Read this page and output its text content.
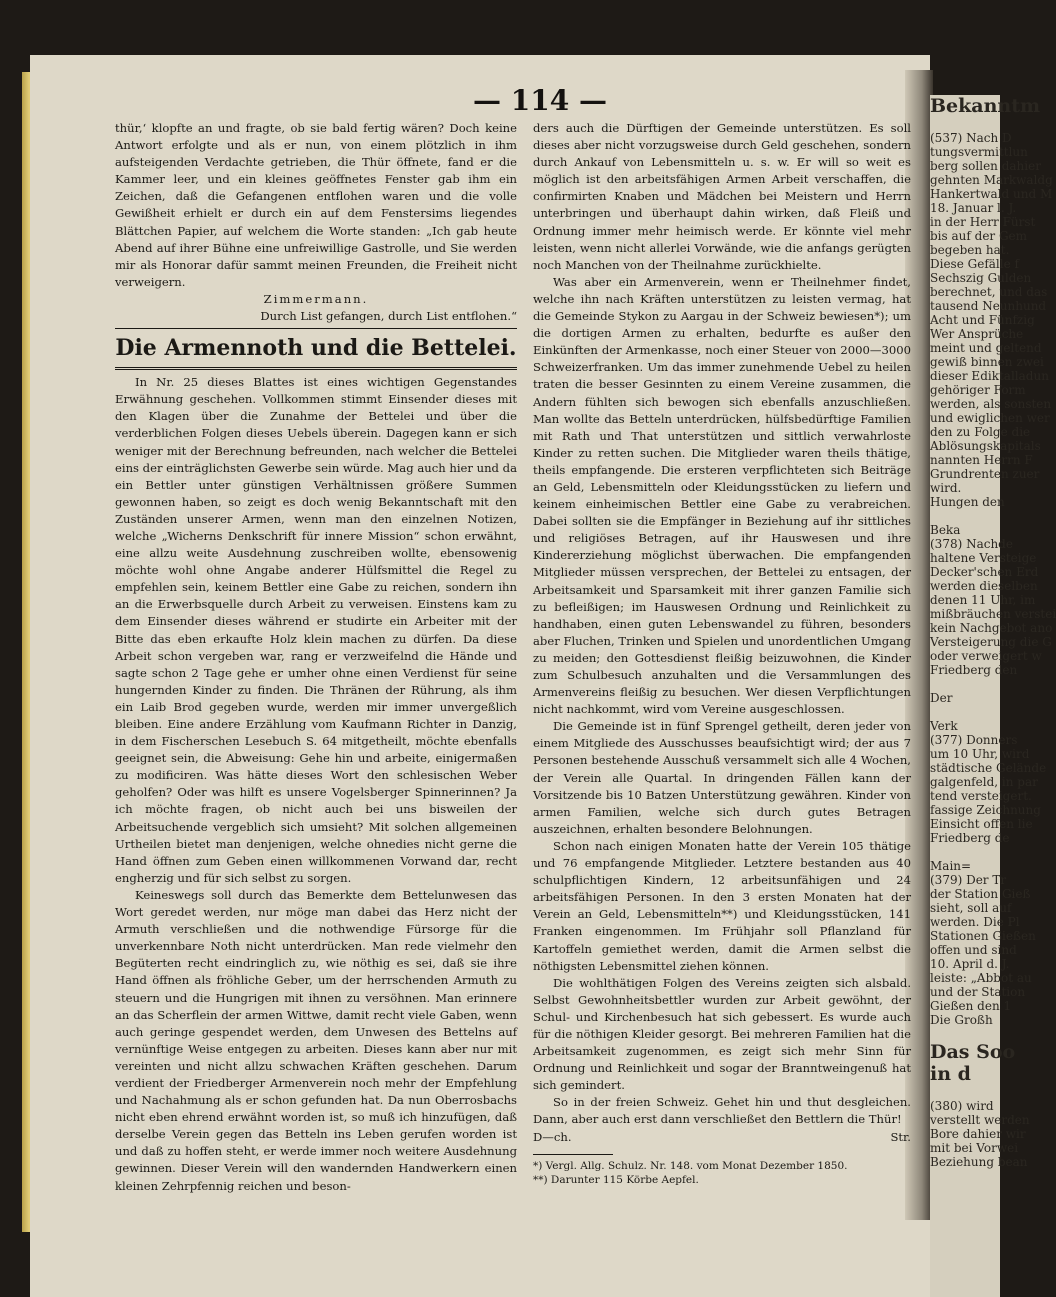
Bekanntm

(537) Nach D
tungsvermittlun
berg sollen dahier
gehnten Markwaldg
Hankertwald und M
18. Januar l. J.
in der Herr Fürst
bis auf der Gem
begeben hat.
Diese Gefälle f
Sechszig Gulden
berechnet, und das
tausend Neunhund
Acht und Fünfzig
Wer Ansprüche
meint und geltend
gewiß binnen zwei
dieser Ediktalladun
gehöriger Form
werden, als sonsten
und ewiglichen wer
den zu Folge die
Ablösungskapitals
nannten Herrn F
Grundrenten zuer
wird.
Hungen den

Beka
(378) Nachde
haltene Versteige
Decker'schen Erd
werden dieselben
denen 11 Uhr, im
mißbräuchen verstei
kein Nachgebot ano
Versteigerung die G
oder verweigert w
Friedberg den

Der

Verk
(377) Donners
um 10 Uhr, wird
städtische Gelände
galgenfeld, in par
tend versteigert.
fassige Zeichnung
Einsicht offen lie
Friedberg de

Main=
(379) Der Tr
der Station Gieß
sieht, soll auf
werden. Die Pl
Stationen Gießen
offen und sind
10. April d. J.
leiste: „Abbot au
und der Station
Gießen den 1
Die Großh

Das Soo
in d

(380) wird
verstellt werden
Bore dahier wir
mit bei Vorwei
Beziehung bean
— 114 —

thür,‘ klopfte an und fragte, ob sie bald fertig wären? Doch keine Antwort erfolgte und als er nun, von einem plötzlich in ihm aufsteigenden Verdachte getrieben, die Thür öffnete, fand er die Kammer leer, und ein kleines geöffnetes Fenster gab ihm ein Zeichen, daß die Gefangenen entflohen waren und die volle Gewißheit erhielt er durch ein auf dem Fenstersims liegendes Blättchen Papier, auf welchem die Worte standen: „Ich gab heute Abend auf ihrer Bühne eine unfreiwillige Gastrolle, und Sie werden mir als Honorar dafür sammt meinen Freunden, die Freiheit nicht verweigern.

Zimmermann.

Durch List gefangen, durch List entflohen.“

Die Armennoth und die Bettelei.

In Nr. 25 dieses Blattes ist eines wichtigen Gegenstandes Erwähnung geschehen. Vollkommen stimmt Einsender dieses mit den Klagen über die Zunahme der Bettelei und über die verderblichen Folgen dieses Uebels überein. Dagegen kann er sich weniger mit der Berechnung befreunden, nach welcher die Bettelei eins der einträglichsten Gewerbe sein würde. Mag auch hier und da ein Bettler unter günstigen Verhältnissen größere Summen gewonnen haben, so zeigt es doch wenig Bekanntschaft mit den Zuständen unserer Armen, wenn man den einzelnen Notizen, welche „Wicherns Denkschrift für innere Mission“ schon erwähnt, eine allzu weite Ausdehnung zuschreiben wollte, ebensowenig möchte wohl ohne Angabe anderer Hülfsmittel die Regel zu empfehlen sein, keinem Bettler eine Gabe zu reichen, sondern ihn an die Erwerbsquelle durch Arbeit zu verweisen. Einstens kam zu dem Einsender dieses während er studirte ein Arbeiter mit der Bitte das eben erkaufte Holz klein machen zu dürfen. Da diese Arbeit schon vergeben war, rang er verzweifelnd die Hände und sagte schon 2 Tage gehe er umher ohne einen Verdienst für seine hungernden Kinder zu finden. Die Thränen der Rührung, als ihm ein Laib Brod gegeben wurde, werden mir immer unvergeßlich bleiben. Eine andere Erzählung vom Kaufmann Richter in Danzig, in dem Fischerschen Lesebuch S. 64 mitgetheilt, möchte ebenfalls geeignet sein, die Abweisung: Gehe hin und arbeite, einigermaßen zu modificiren. Was hätte dieses Wort den schlesischen Weber geholfen? Oder was hilft es unsere Vogelsberger Spinnerinnen? Ja ich möchte fragen, ob nicht auch bei uns bisweilen der Arbeitsuchende vergeblich sich umsieht? Mit solchen allgemeinen Urtheilen bietet man denjenigen, welche ohnedies nicht gerne die Hand öffnen zum Geben einen willkommenen Vorwand dar, recht engherzig und für sich selbst zu sorgen.

Keineswegs soll durch das Bemerkte dem Bettelunwesen das Wort geredet werden, nur möge man dabei das Herz nicht der Armuth verschließen und die nothwendige Fürsorge für die unverkennbare Noth nicht unterdrücken. Man rede vielmehr den Begüterten recht eindringlich zu, wie nöthig es sei, daß sie ihre Hand öffnen als fröhliche Geber, um der herrschenden Armuth zu steuern und die Hungrigen mit ihnen zu versöhnen. Man erinnere an das Scherflein der armen Wittwe, damit recht viele Gaben, wenn auch geringe gespendet werden, dem Unwesen des Bettelns auf vernünftige Weise entgegen zu arbeiten. Dieses kann aber nur mit vereinten und nicht allzu schwachen Kräften geschehen. Darum verdient der Friedberger Armenverein noch mehr der Empfehlung und Nachahmung als er schon gefunden hat. Da nun Oberrosbachs nicht eben ehrend erwähnt worden ist, so muß ich hinzufügen, daß derselbe Verein gegen das Betteln ins Leben gerufen worden ist und daß zu hoffen steht, er werde immer noch weitere Ausdehnung gewinnen. Dieser Verein will den wandernden Handwerkern einen kleinen Zehrpfennig reichen und beson-

ders auch die Dürftigen der Gemeinde unterstützen. Es soll dieses aber nicht vorzugsweise durch Geld geschehen, sondern durch Ankauf von Lebensmitteln u. s. w. Er will so weit es möglich ist den arbeitsfähigen Armen Arbeit verschaffen, die confirmirten Knaben und Mädchen bei Meistern und Herrn unterbringen und überhaupt dahin wirken, daß Fleiß und Ordnung immer mehr heimisch werde. Er könnte viel mehr leisten, wenn nicht allerlei Vorwände, wie die anfangs gerügten noch Manchen von der Theilnahme zurückhielte.

Was aber ein Armenverein, wenn er Theilnehmer findet, welche ihn nach Kräften unterstützen zu leisten vermag, hat die Gemeinde Stykon zu Aargau in der Schweiz bewiesen*); um die dortigen Armen zu erhalten, bedurfte es außer den Einkünften der Armenkasse, noch einer Steuer von 2000—3000 Schweizerfranken. Um das immer zunehmende Uebel zu heilen traten die besser Gesinnten zu einem Vereine zusammen, die Andern fühlten sich bewogen sich ebenfalls anzuschließen. Man wollte das Betteln unterdrücken, hülfsbedürftige Familien mit Rath und That unterstützen und sittlich verwahrloste Kinder zu retten suchen. Die Mitglieder waren theils thätige, theils empfangende. Die ersteren verpflichteten sich Beiträge an Geld, Lebensmitteln oder Kleidungsstücken zu liefern und keinem einheimischen Bettler eine Gabe zu verabreichen. Dabei sollten sie die Empfänger in Beziehung auf ihr sittliches und religiöses Betragen, auf ihr Hauswesen und ihre Kindererziehung möglichst überwachen. Die empfangenden Mitglieder müssen versprechen, der Bettelei zu entsagen, der Arbeitsamkeit und Sparsamkeit mit ihrer ganzen Familie sich zu befleißigen; im Hauswesen Ordnung und Reinlichkeit zu handhaben, einen guten Lebenswandel zu führen, besonders aber Fluchen, Trinken und Spielen und unordentlichen Umgang zu meiden; den Gottesdienst fleißig beizuwohnen, die Kinder zum Schulbesuch anzuhalten und die Versammlungen des Armenvereins fleißig zu besuchen. Wer diesen Verpflichtungen nicht nachkommt, wird vom Vereine ausgeschlossen.

Die Gemeinde ist in fünf Sprengel getheilt, deren jeder von einem Mitgliede des Ausschusses beaufsichtigt wird; der aus 7 Personen bestehende Ausschuß versammelt sich alle 4 Wochen, der Verein alle Quartal. In dringenden Fällen kann der Vorsitzende bis 10 Batzen Unterstützung gewähren. Kinder von armen Familien, welche sich durch gutes Betragen auszeichnen, erhalten besondere Belohnungen.

Schon nach einigen Monaten hatte der Verein 105 thätige und 76 empfangende Mitglieder. Letztere bestanden aus 40 schulpflichtigen Kindern, 12 arbeitsunfähigen und 24 arbeitsfähigen Personen. In den 3 ersten Monaten hat der Verein an Geld, Lebensmitteln**) und Kleidungsstücken, 141 Franken eingenommen. Im Frühjahr soll Pflanzland für Kartoffeln gemiethet werden, damit die Armen selbst die nöthigsten Lebensmittel ziehen können.

Die wohlthätigen Folgen des Vereins zeigten sich alsbald. Selbst Gewohnheitsbettler wurden zur Arbeit gewöhnt, der Schul- und Kirchenbesuch hat sich gebessert. Es wurde auch für die nöthigen Kleider gesorgt. Bei mehreren Familien hat die Arbeitsamkeit zugenommen, es zeigt sich mehr Sinn für Ordnung und Reinlichkeit und sogar der Branntweingenuß hat sich gemindert.

So in der freien Schweiz. Gehet hin und thut desgleichen. Dann, aber auch erst dann verschließet den Bettlern die Thür!

D—ch.	Str.

*) Vergl. Allg. Schulz. Nr. 148. vom Monat Dezember 1850.

**) Darunter 115 Körbe Aepfel.
